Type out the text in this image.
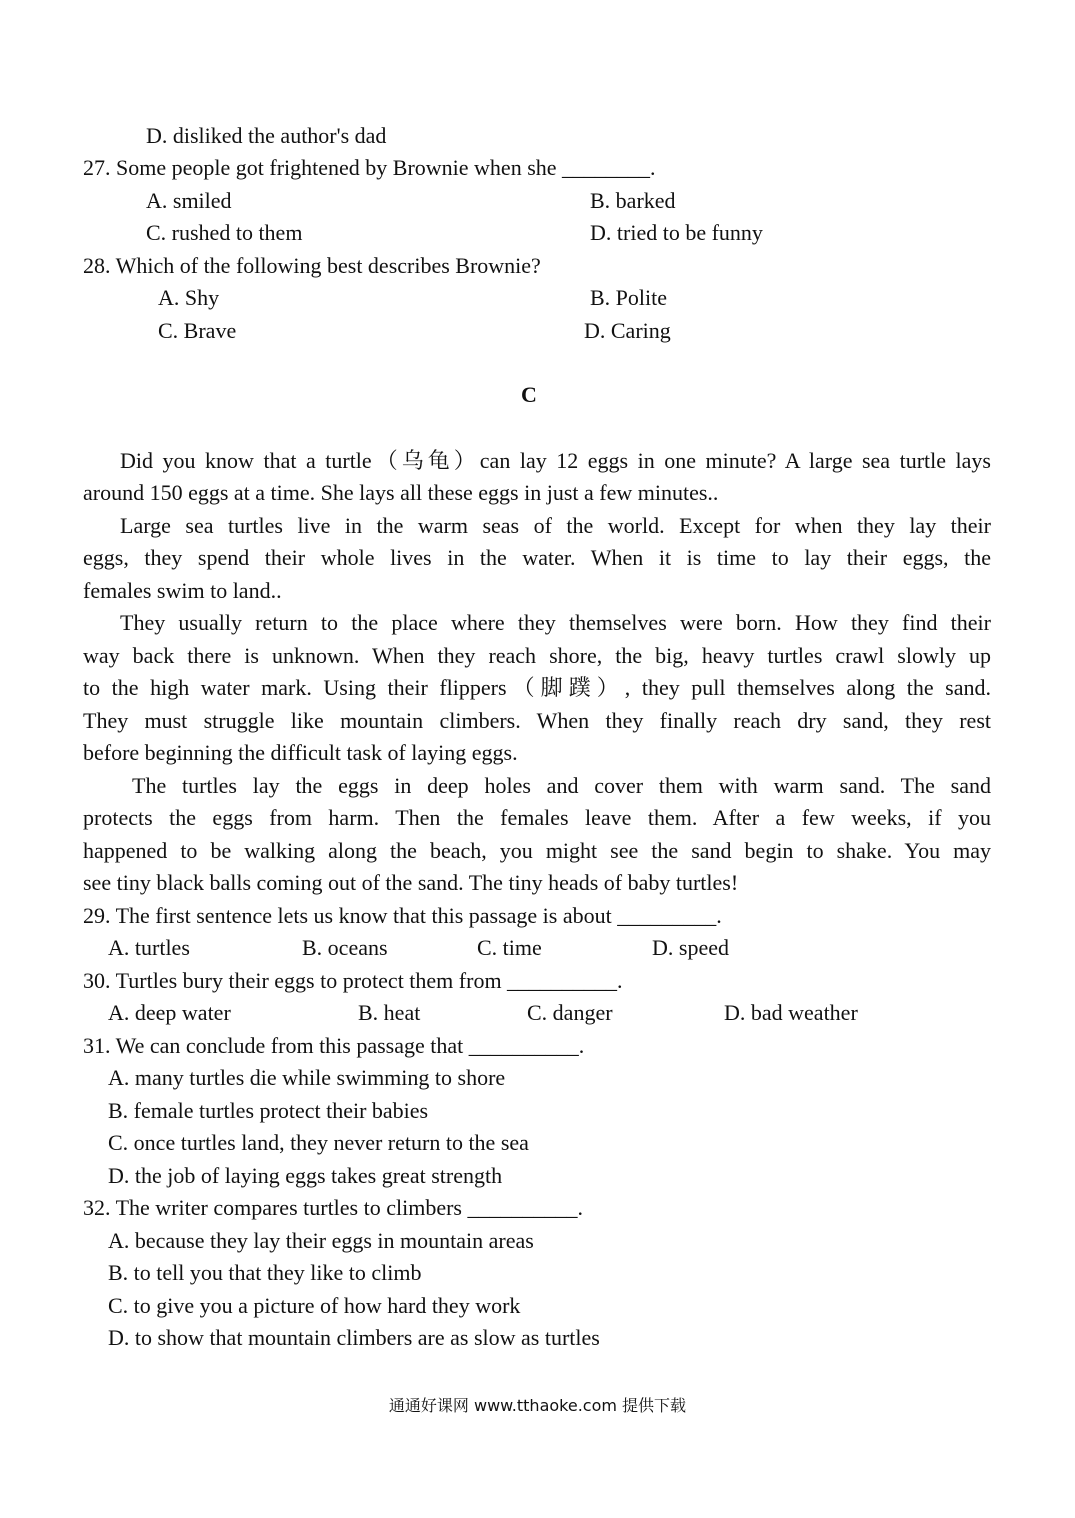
D. disliked the author's dad
27. Some people got frightened by Brownie when she ________.
A. smiled	B. barked
C. rushed to them	D. tried to be funny
28. Which of the following best describes Brownie?
A. Shy	B. Polite
C. Brave	D. Caring
C
Did you know that a turtle（乌龟）can lay 12 eggs in one minute? A large sea turtle lays
around 150 eggs at a time. She lays all these eggs in just a few minutes..
Large sea turtles live in the warm seas of the world. Except for when they lay their
eggs, they spend their whole lives in the water. When it is time to lay their eggs, the
females swim to land..
They usually return to the place where they themselves were born. How they find their
way back there is unknown. When they reach shore, the big, heavy turtles crawl slowly up
to the high water mark. Using their flippers（脚蹼）, they pull themselves along the sand.
They must struggle like mountain climbers. When they finally reach dry sand, they rest
before beginning the difficult task of laying eggs.
The turtles lay the eggs in deep holes and cover them with warm sand. The sand
protects the eggs from harm. Then the females leave them. After a few weeks, if you
happened to be walking along the beach, you might see the sand begin to shake. You may
see tiny black balls coming out of the sand. The tiny heads of baby turtles!
29. The first sentence lets us know that this passage is about _________.
A. turtles	B. oceans	C. time	D. speed
30. Turtles bury their eggs to protect them from __________.
A. deep water	B. heat	C. danger	D. bad weather
31. We can conclude from this passage that __________.
A. many turtles die while swimming to shore
B. female turtles protect their babies
C. once turtles land, they never return to the sea
D. the job of laying eggs takes great strength
32. The writer compares turtles to climbers __________.
A. because they lay their eggs in mountain areas
B. to tell you that they like to climb
C. to give you a picture of how hard they work
D. to show that mountain climbers are as slow as turtles
通通好课网 www.tthaoke.com 提供下载
